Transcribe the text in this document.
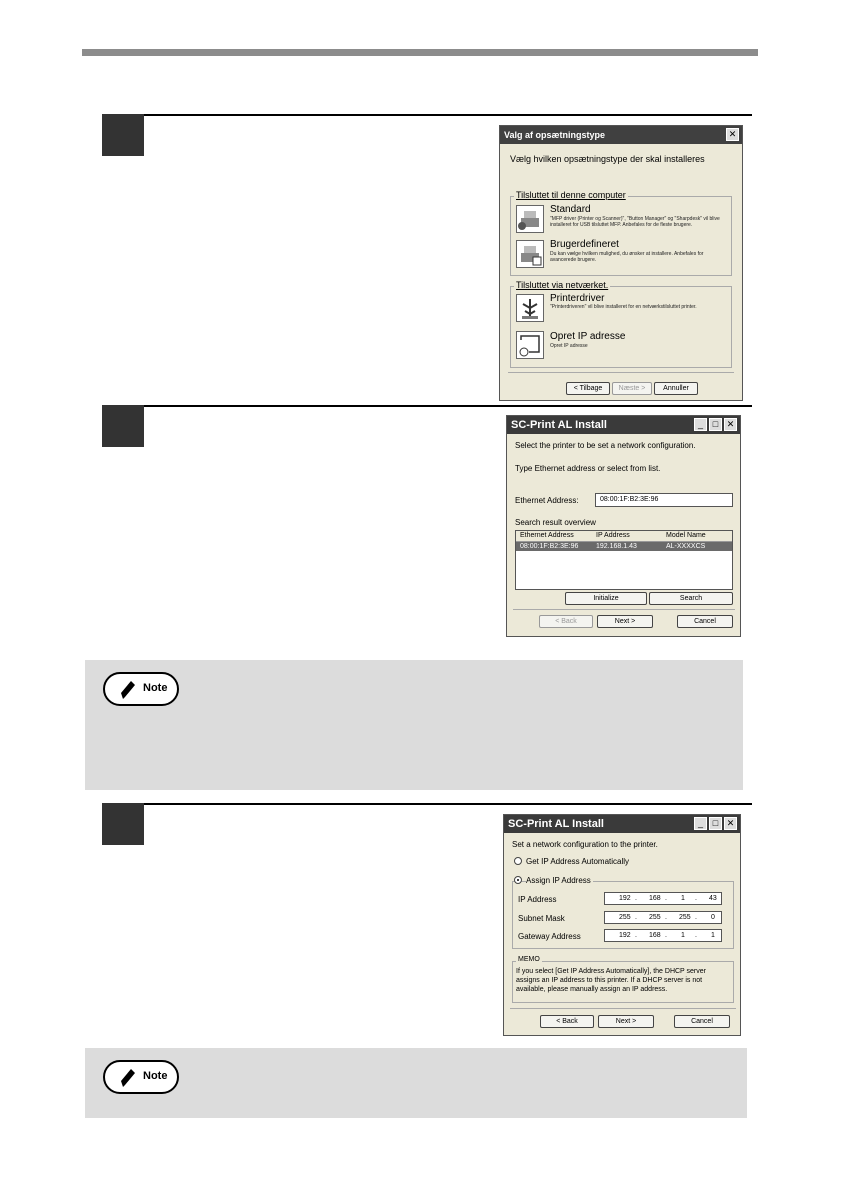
Valg af opsætningstype	✕
Vælg hvilken opsætningstype der skal installeres
Tilsluttet til denne computer
Standard
"MFP driver (Printer og Scanner)", "Button Manager" og "Sharpdesk" vil blive installeret for USB tilsluttet MFP. Anbefales for de fleste brugere.
Brugerdefineret
Du kan vælge hvilken mulighed, du ønsker at installere. Anbefales for avancerede brugere.
Tilsluttet via netværket.
Printerdriver
"Printerdriveren" vil blive installeret for en netværkstilsluttet printer.
Opret IP adresse
Opret IP adresse
< Tilbage	Næste >	Annuller
SC-Print AL Install	_	□ ✕
Select the printer to be set a network configuration.
Type Ethernet address or select from list.
Ethernet Address:	08:00:1F:B2:3E:96
Search result overview
Ethernet Address	IP Address	Model Name
08:00:1F:B2:3E:96	192.168.1.43	AL-XXXXCS
Initialize	Search
< Back	Next >	Cancel
Note
SC-Print AL Install	_	□ ✕
Set a network configuration to the printer.
Get IP Address Automatically
Assign IP Address
IP Address	192 . 168 . 1 . 43
Subnet Mask	255 . 255 . 255 . 0
Gateway Address	192 . 168 . 1 . 1
MEMO
If you select [Get IP Address Automatically], the DHCP server assigns an IP address to this printer. If a DHCP server is not available, please manually assign an IP address.
< Back	Next >	Cancel
Note
